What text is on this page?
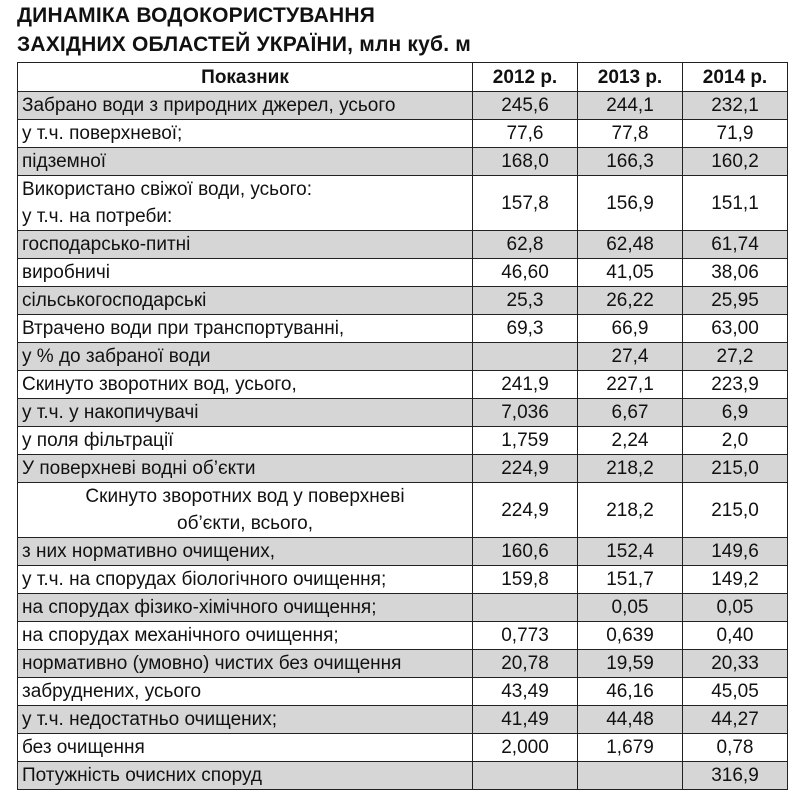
ДИНАМІКА ВОДОКОРИСТУВАННЯ
ЗАХІДНИХ ОБЛАСТЕЙ УКРАЇНИ, млн куб. м
Показник	2012 р.	2013 р.	2014 р.
Забрано води з природних джерел, усього	245,6	244,1	232,1
у т.ч. поверхневої;	77,6	77,8	71,9
підземної	168,0	166,3	160,2

Використано свіжої води, усього:
у т.ч. на потреби:	157,8	156,9	151,1
господарсько-питні	62,8	62,48	61,74
виробничі	46,60	41,05	38,06
сільськогосподарські	25,3	26,22	25,95
Втрачено води при транспортуванні,	69,3	66,9	63,00
у % до забраної води		27,4	27,2
Скинуто зворотних вод, усього,	241,9	227,1	223,9
у т.ч. у накопичувачі	7,036	6,67	6,9
у поля фільтрації	1,759	2,24	2,0
У поверхневі водні об’єкти	224,9	218,2	215,0

Скинуто зворотних вод у поверхневі
об’єкти, всього,	224,9	218,2	215,0
з них нормативно очищених,	160,6	152,4	149,6
у т.ч. на спорудах біологічного очищення;	159,8	151,7	149,2
на спорудах фізико-хімічного очищення;		0,05	0,05
на спорудах механічного очищення;	0,773	0,639	0,40
нормативно (умовно) чистих без очищення	20,78	19,59	20,33
забруднених, усього	43,49	46,16	45,05
у т.ч. недостатньо очищених;	41,49	44,48	44,27
без очищення	2,000	1,679	0,78
Потужність очисних споруд			316,9
